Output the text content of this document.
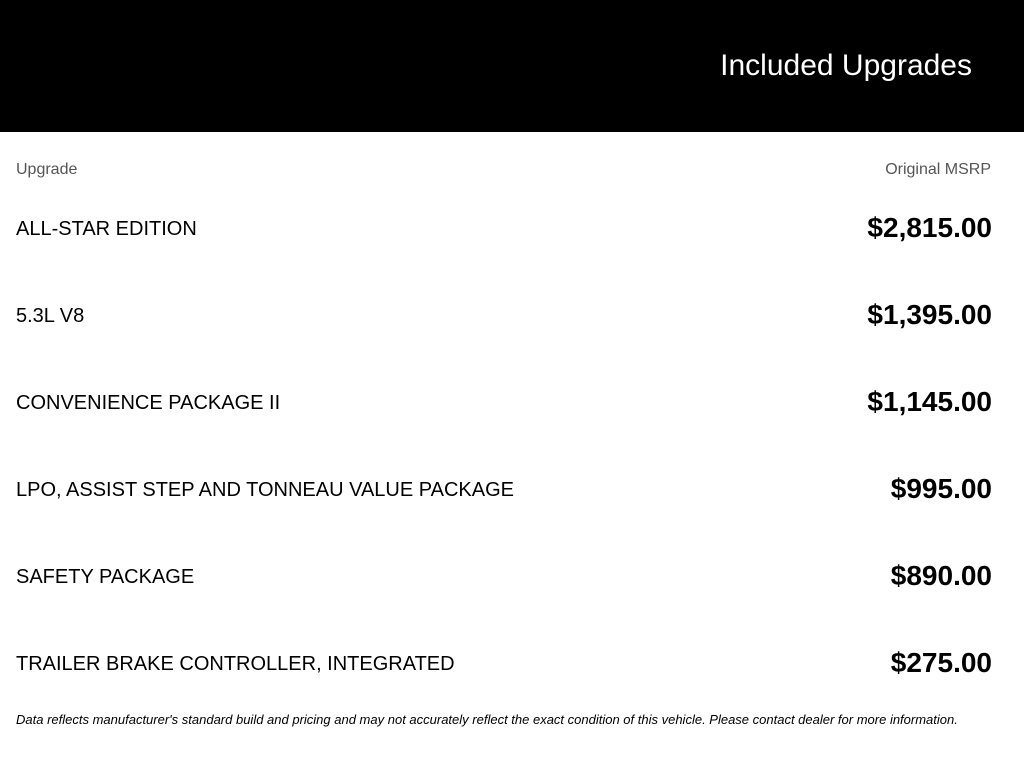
Included Upgrades
Upgrade	Original MSRP
ALL-STAR EDITION	$2,815.00
5.3L V8	$1,395.00
CONVENIENCE PACKAGE II	$1,145.00
LPO, ASSIST STEP AND TONNEAU VALUE PACKAGE	$995.00
SAFETY PACKAGE	$890.00
TRAILER BRAKE CONTROLLER, INTEGRATED	$275.00
Data reflects manufacturer's standard build and pricing and may not accurately reflect the exact condition of this vehicle. Please contact dealer for more information.
